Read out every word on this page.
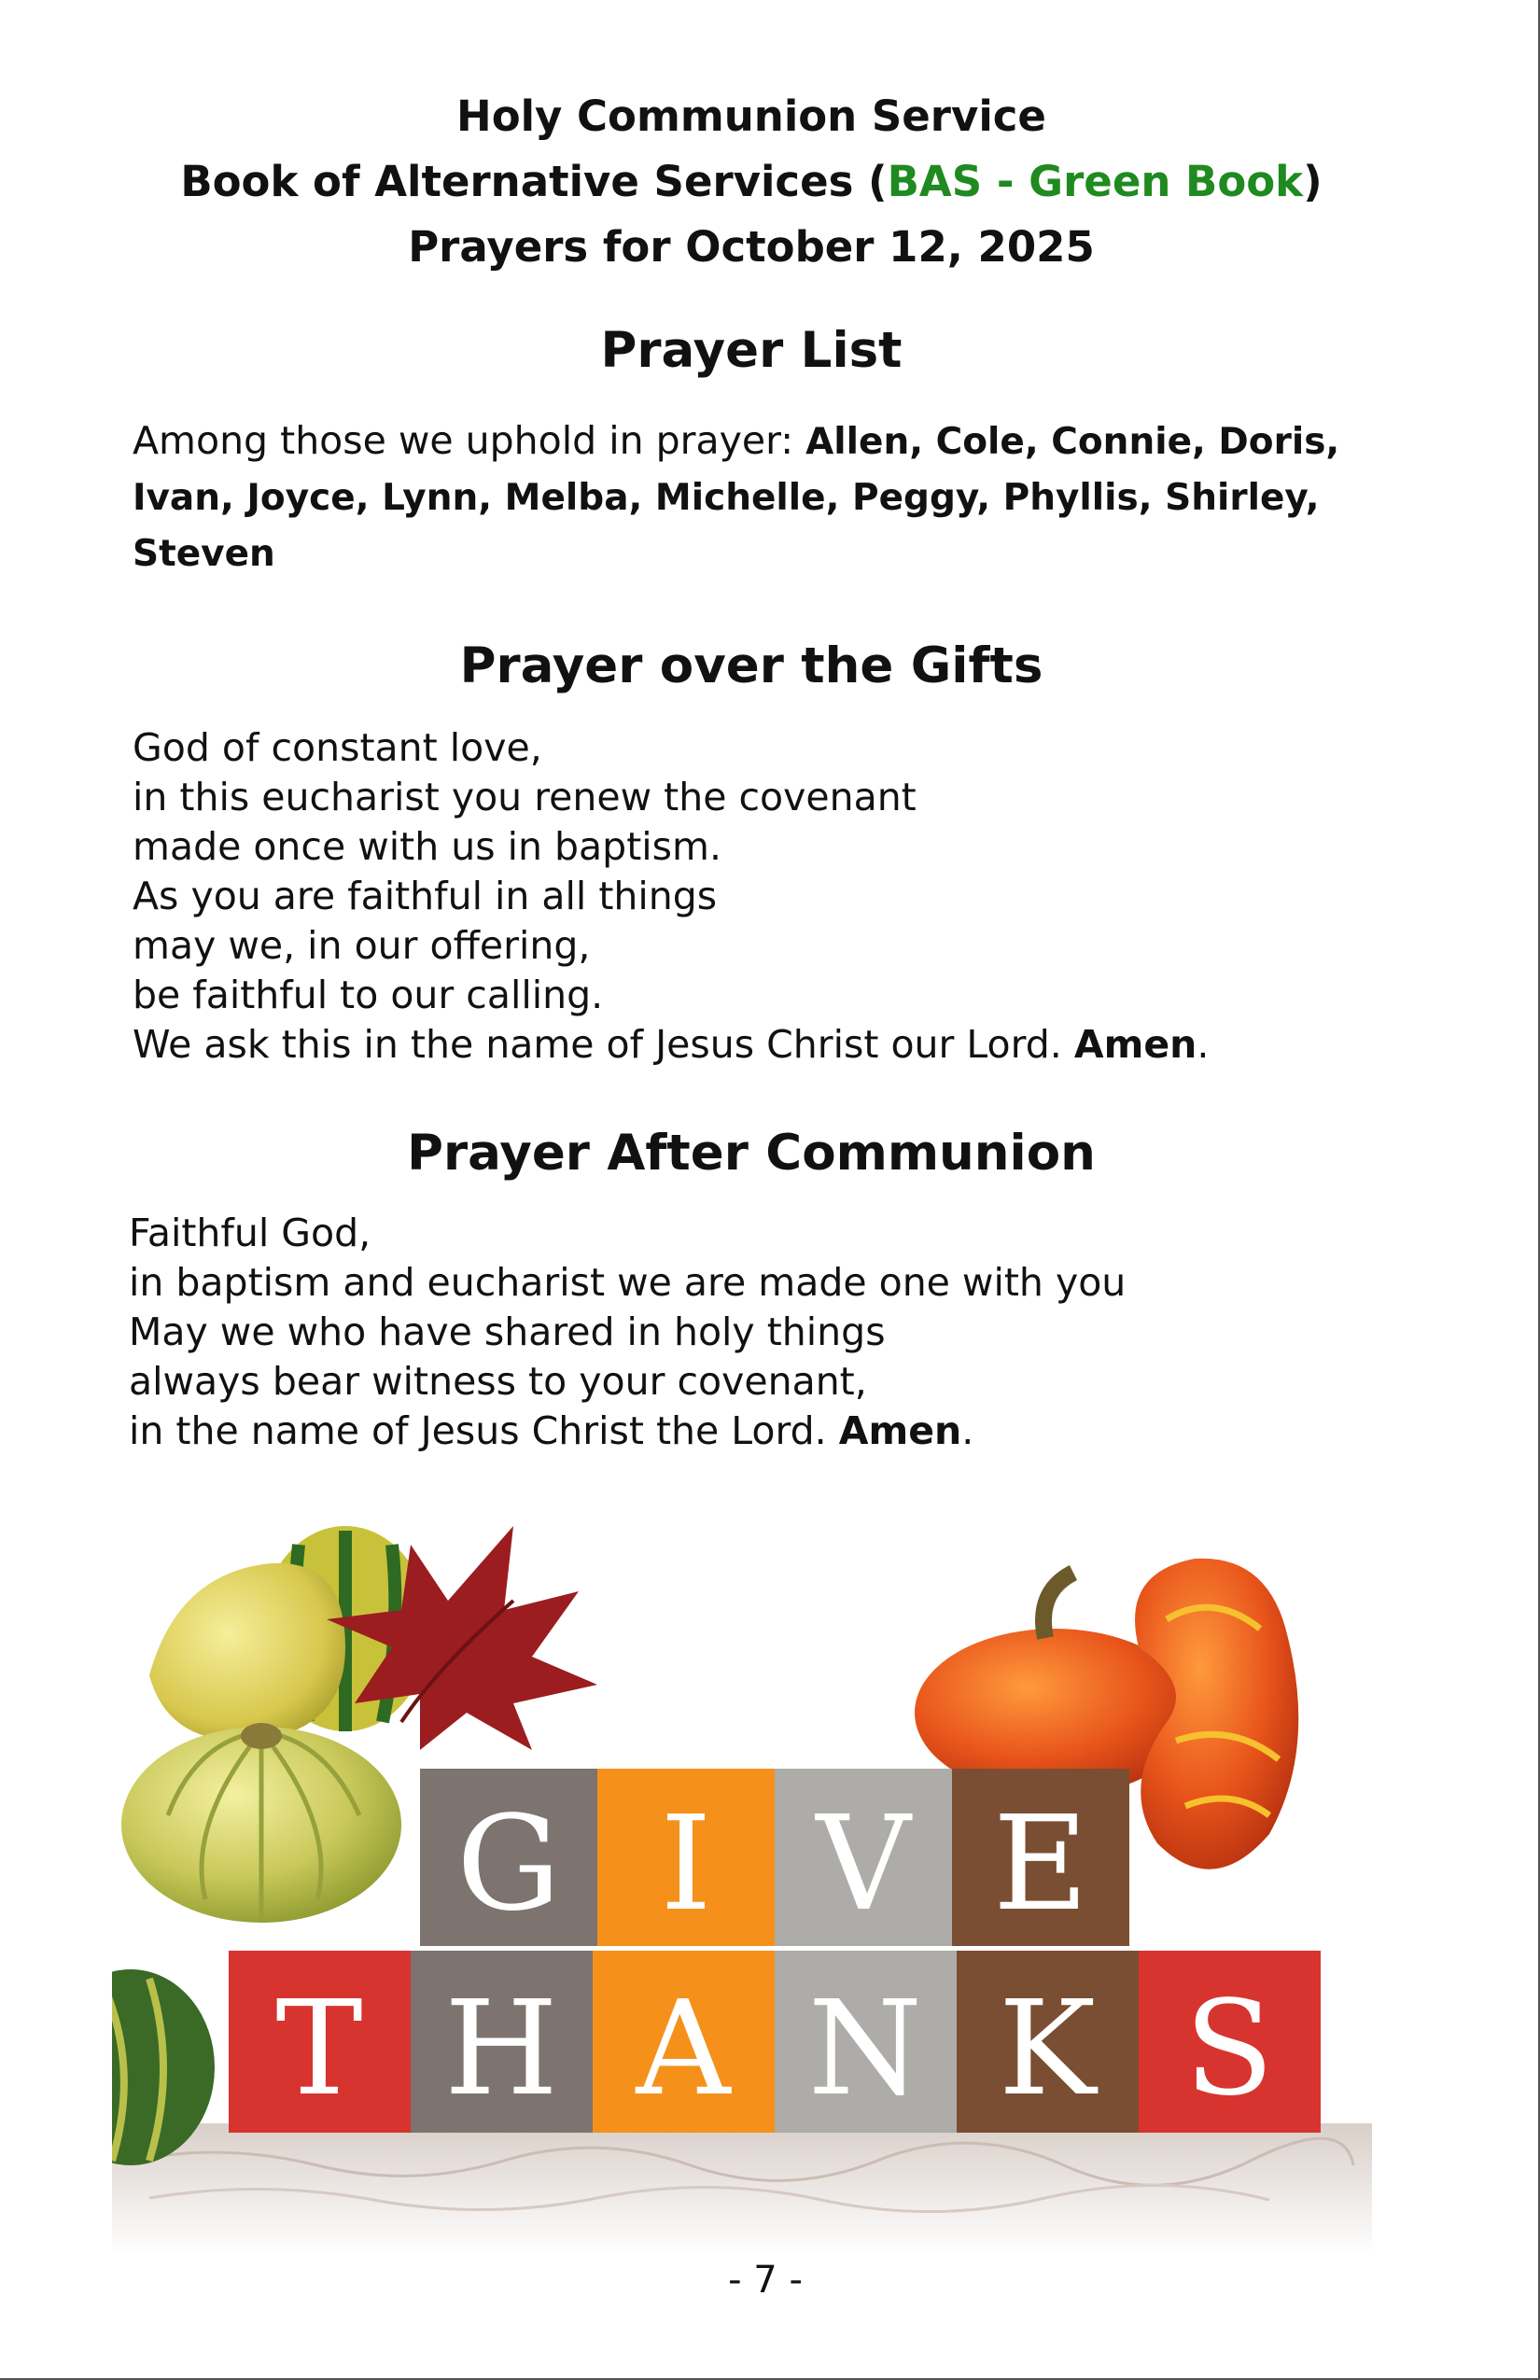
Holy Communion Service
Book of Alternative Services (BAS - Green Book)
Prayers for October 12, 2025
Prayer List
Among those we uphold in prayer: Allen, Cole, Connie, Doris,
Ivan, Joyce, Lynn, Melba, Michelle, Peggy, Phyllis, Shirley,
Steven
Prayer over the Gifts
God of constant love,
in this eucharist you renew the covenant
made once with us in baptism.
As you are faithful in all things
may we, in our offering,
be faithful to our calling.
We ask this in the name of Jesus Christ our Lord. Amen.
Prayer After Communion
Faithful God,
in baptism and eucharist we are made one with you
May we who have shared in holy things
always bear witness to your covenant,
in the name of Jesus Christ the Lord. Amen.
G I V E
T H A N K S
- 7 -
